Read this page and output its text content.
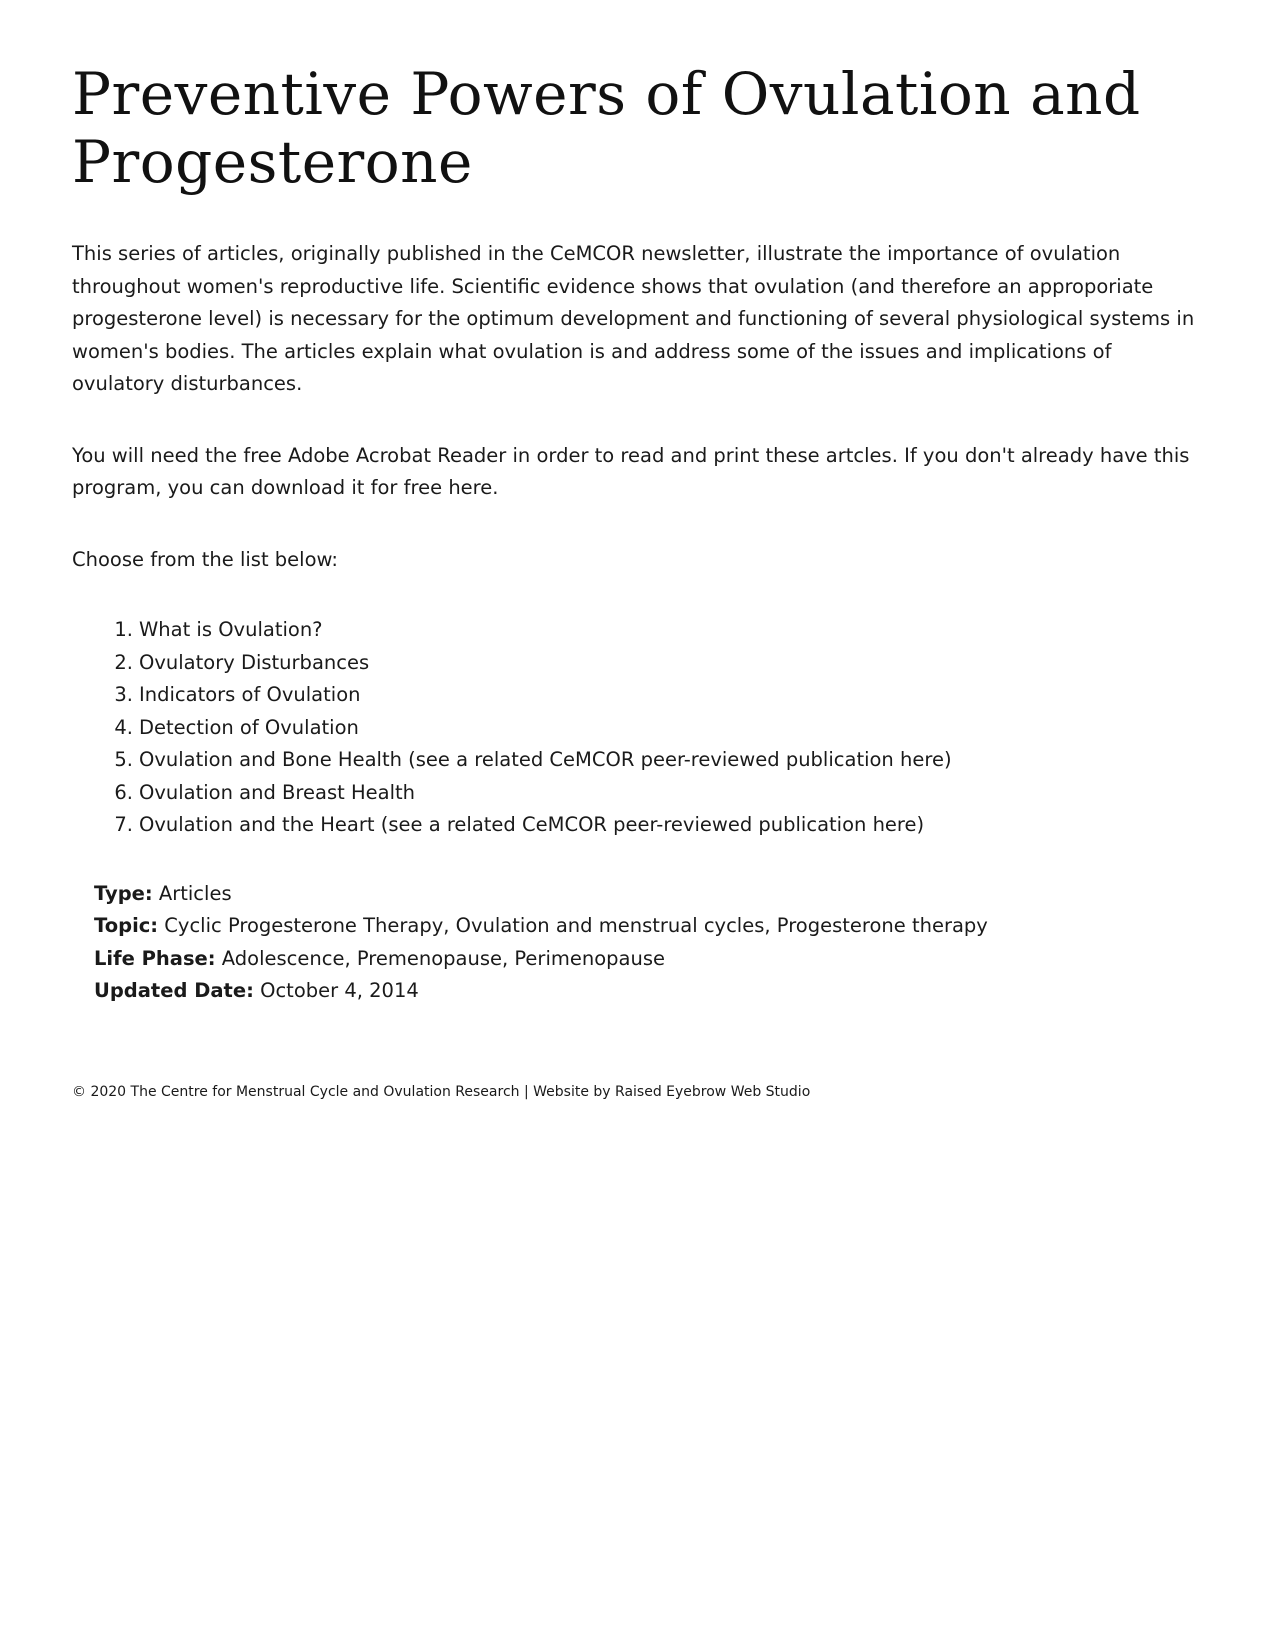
Preventive Powers of Ovulation and Progesterone

This series of articles, originally published in the CeMCOR newsletter, illustrate the importance of ovulation throughout women's reproductive life. Scientific evidence shows that ovulation (and therefore an approporiate progesterone level) is necessary for the optimum development and functioning of several physiological systems in women's bodies. The articles explain what ovulation is and address some of the issues and implications of ovulatory disturbances.

You will need the free Adobe Acrobat Reader in order to read and print these artcles. If you don't already have this program, you can download it for free here.

Choose from the list below:

1. What is Ovulation?
2. Ovulatory Disturbances
3. Indicators of Ovulation
4. Detection of Ovulation
5. Ovulation and Bone Health (see a related CeMCOR peer-reviewed publication here)
6. Ovulation and Breast Health
7. Ovulation and the Heart (see a related CeMCOR peer-reviewed publication here)
Type: Articles
Topic: Cyclic Progesterone Therapy, Ovulation and menstrual cycles, Progesterone therapy
Life Phase: Adolescence, Premenopause, Perimenopause
Updated Date: October 4, 2014
© 2020 The Centre for Menstrual Cycle and Ovulation Research | Website by Raised Eyebrow Web Studio
